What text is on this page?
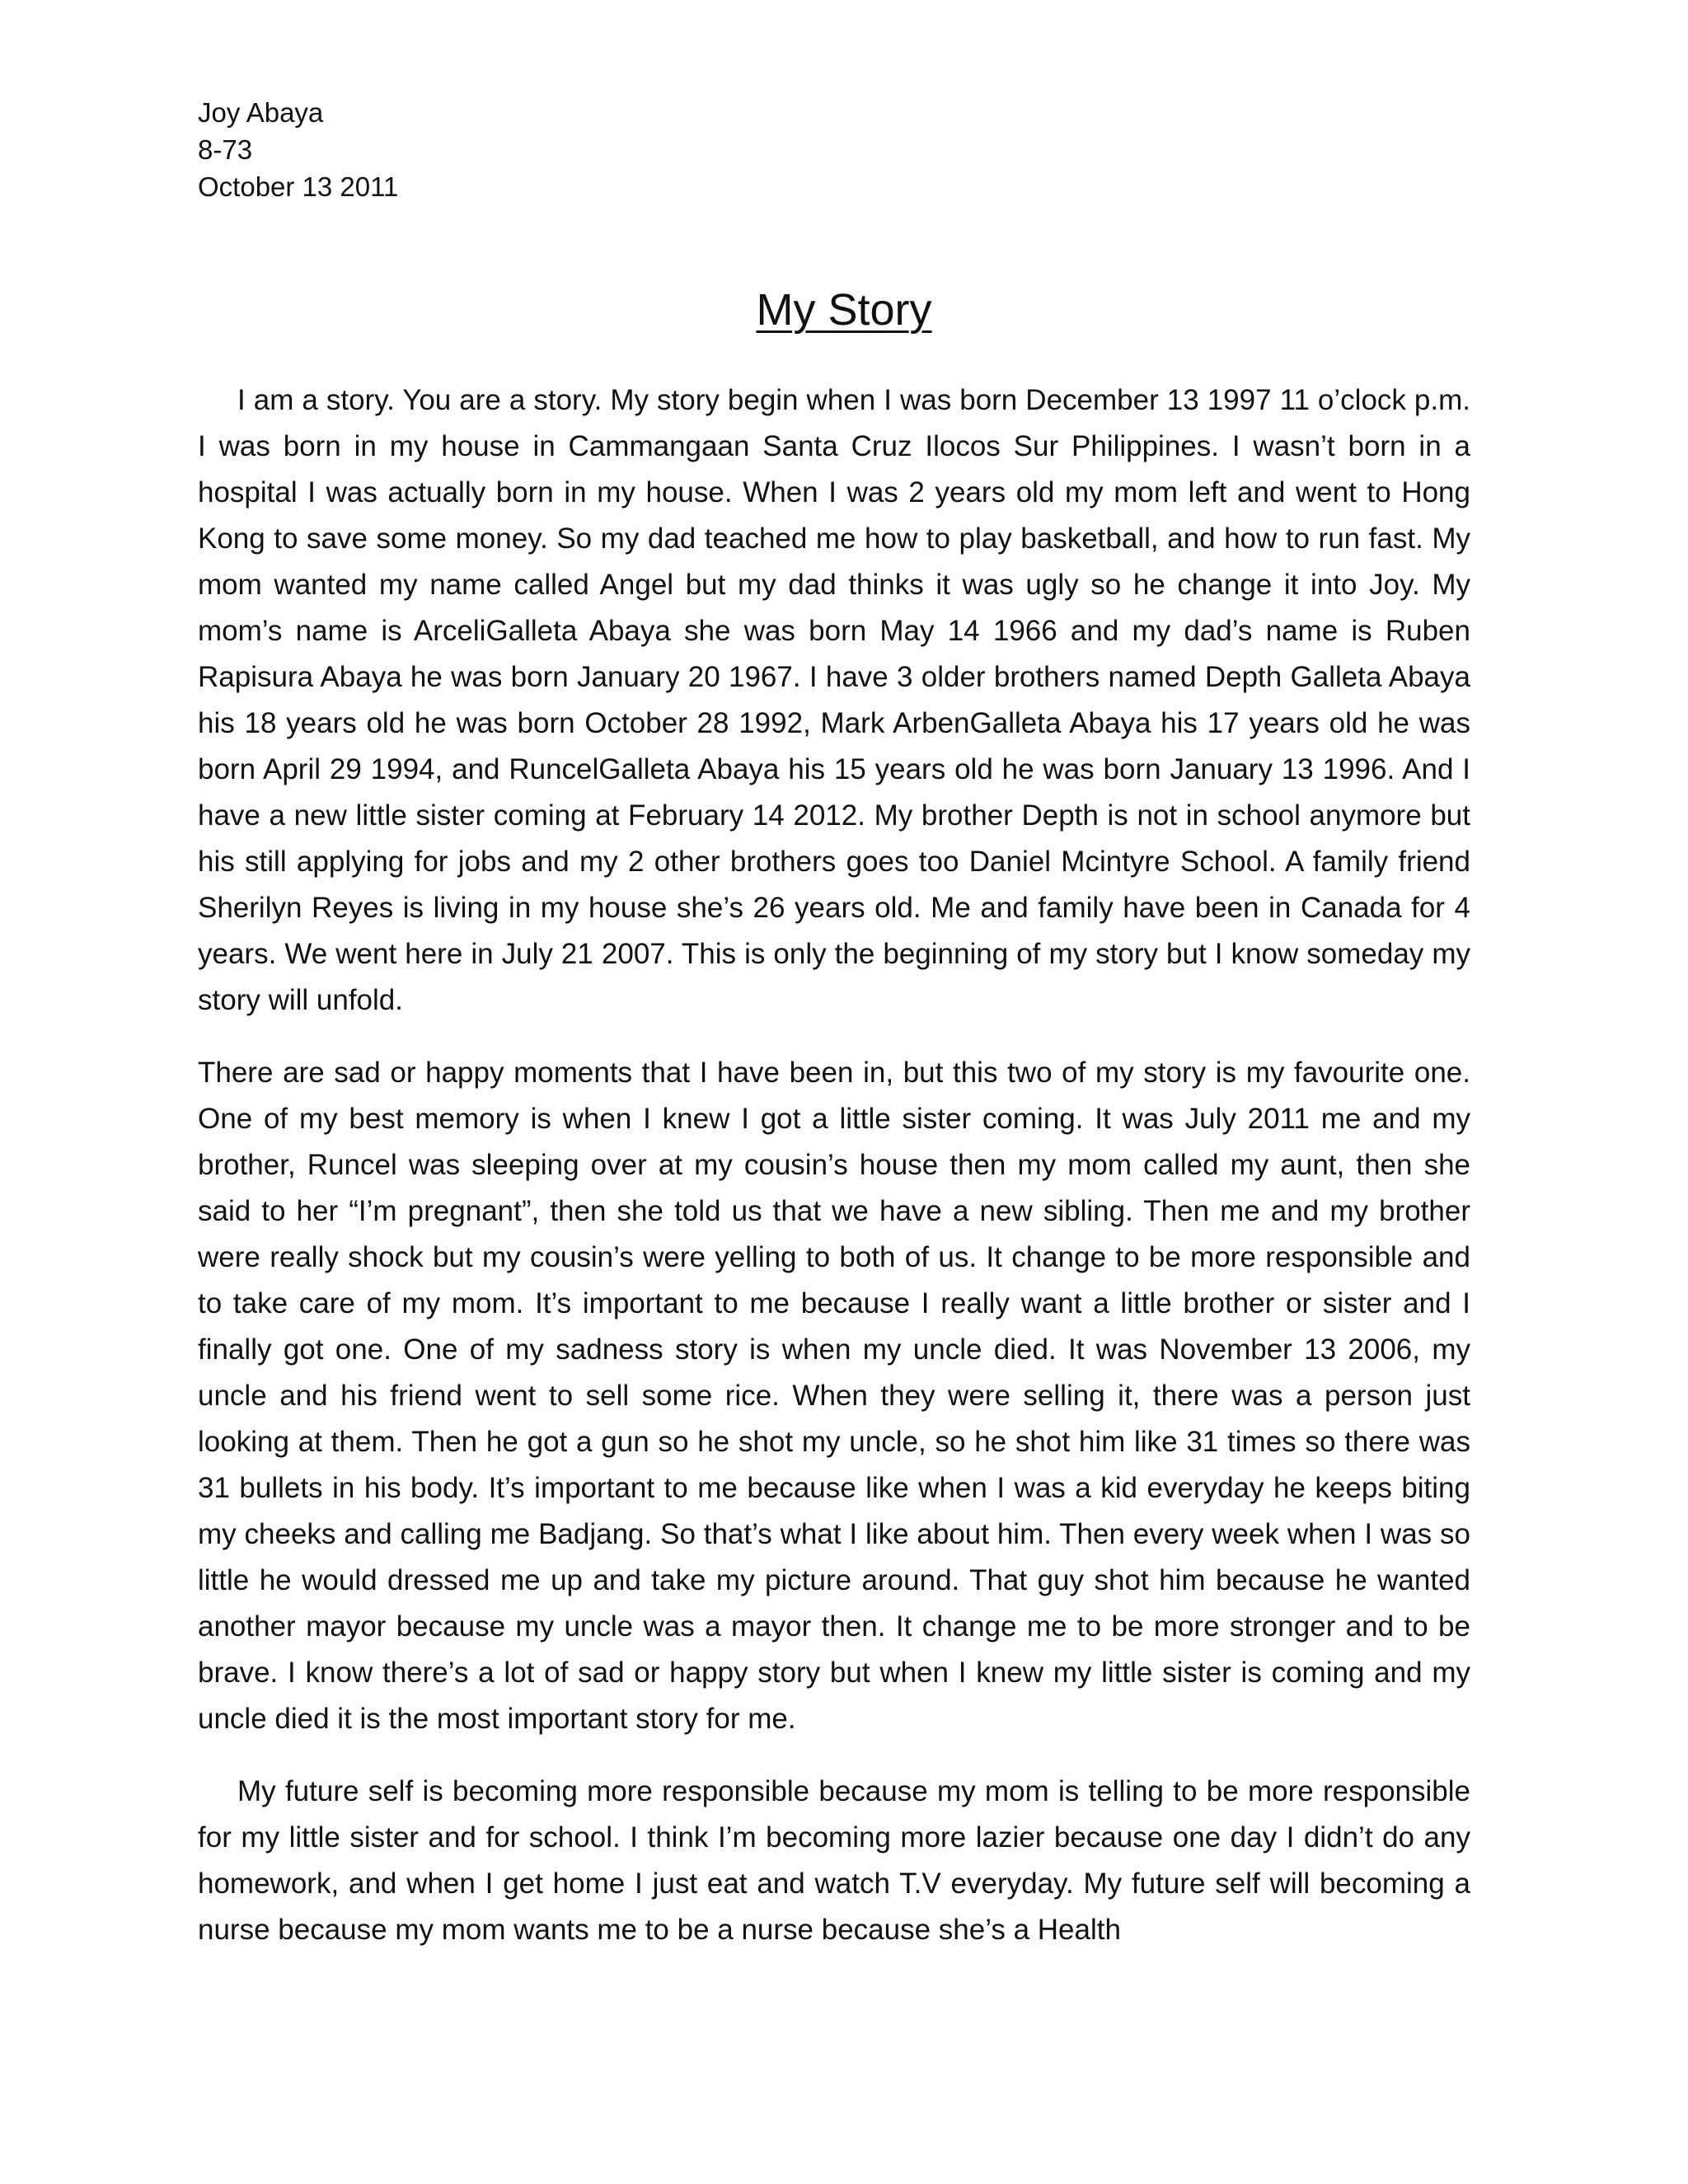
Joy Abaya
8-73
October 13 2011
My Story

I am a story. You are a story. My story begin when I was born December 13 1997 11 o’clock p.m. I was born in my house in Cammangaan Santa Cruz Ilocos Sur Philippines. I wasn’t born in a hospital I was actually born in my house. When I was 2 years old my mom left and went to Hong Kong to save some money. So my dad teached me how to play basketball, and how to run fast. My mom wanted my name called Angel but my dad thinks it was ugly so he change it into Joy. My mom’s name is ArceliGalleta Abaya she was born May 14 1966 and my dad’s name is Ruben Rapisura Abaya he was born January 20 1967. I have 3 older brothers named Depth Galleta Abaya his 18 years old he was born October 28 1992, Mark ArbenGalleta Abaya his 17 years old he was born April 29 1994, and RuncelGalleta Abaya his 15 years old he was born January 13 1996. And I have a new little sister coming at February 14 2012. My brother Depth is not in school anymore but his still applying for jobs and my 2 other brothers goes too Daniel Mcintyre School. A family friend Sherilyn Reyes is living in my house she’s 26 years old. Me and family have been in Canada for 4 years. We went here in July 21 2007. This is only the beginning of my story but I know someday my story will unfold.

There are sad or happy moments that I have been in, but this two of my story is my favourite one. One of my best memory is when I knew I got a little sister coming. It was July 2011 me and my brother, Runcel was sleeping over at my cousin’s house then my mom called my aunt, then she said to her “I’m pregnant”, then she told us that we have a new sibling. Then me and my brother were really shock but my cousin’s were yelling to both of us. It change to be more responsible and to take care of my mom. It’s important to me because I really want a little brother or sister and I finally got one. One of my sadness story is when my uncle died. It was November 13 2006, my uncle and his friend went to sell some rice. When they were selling it, there was a person just looking at them. Then he got a gun so he shot my uncle, so he shot him like 31 times so there was 31 bullets in his body. It’s important to me because like when I was a kid everyday he keeps biting my cheeks and calling me Badjang. So that’s what I like about him. Then every week when I was so little he would dressed me up and take my picture around. That guy shot him because he wanted another mayor because my uncle was a mayor then. It change me to be more stronger and to be brave. I know there’s a lot of sad or happy story but when I knew my little sister is coming and my uncle died it is the most important story for me.

My future self is becoming more responsible because my mom is telling to be more responsible for my little sister and for school. I think I’m becoming more lazier because one day I didn’t do any homework, and when I get home I just eat and watch T.V everyday. My future self will becoming a nurse because my mom wants me to be a nurse because she’s a Health
